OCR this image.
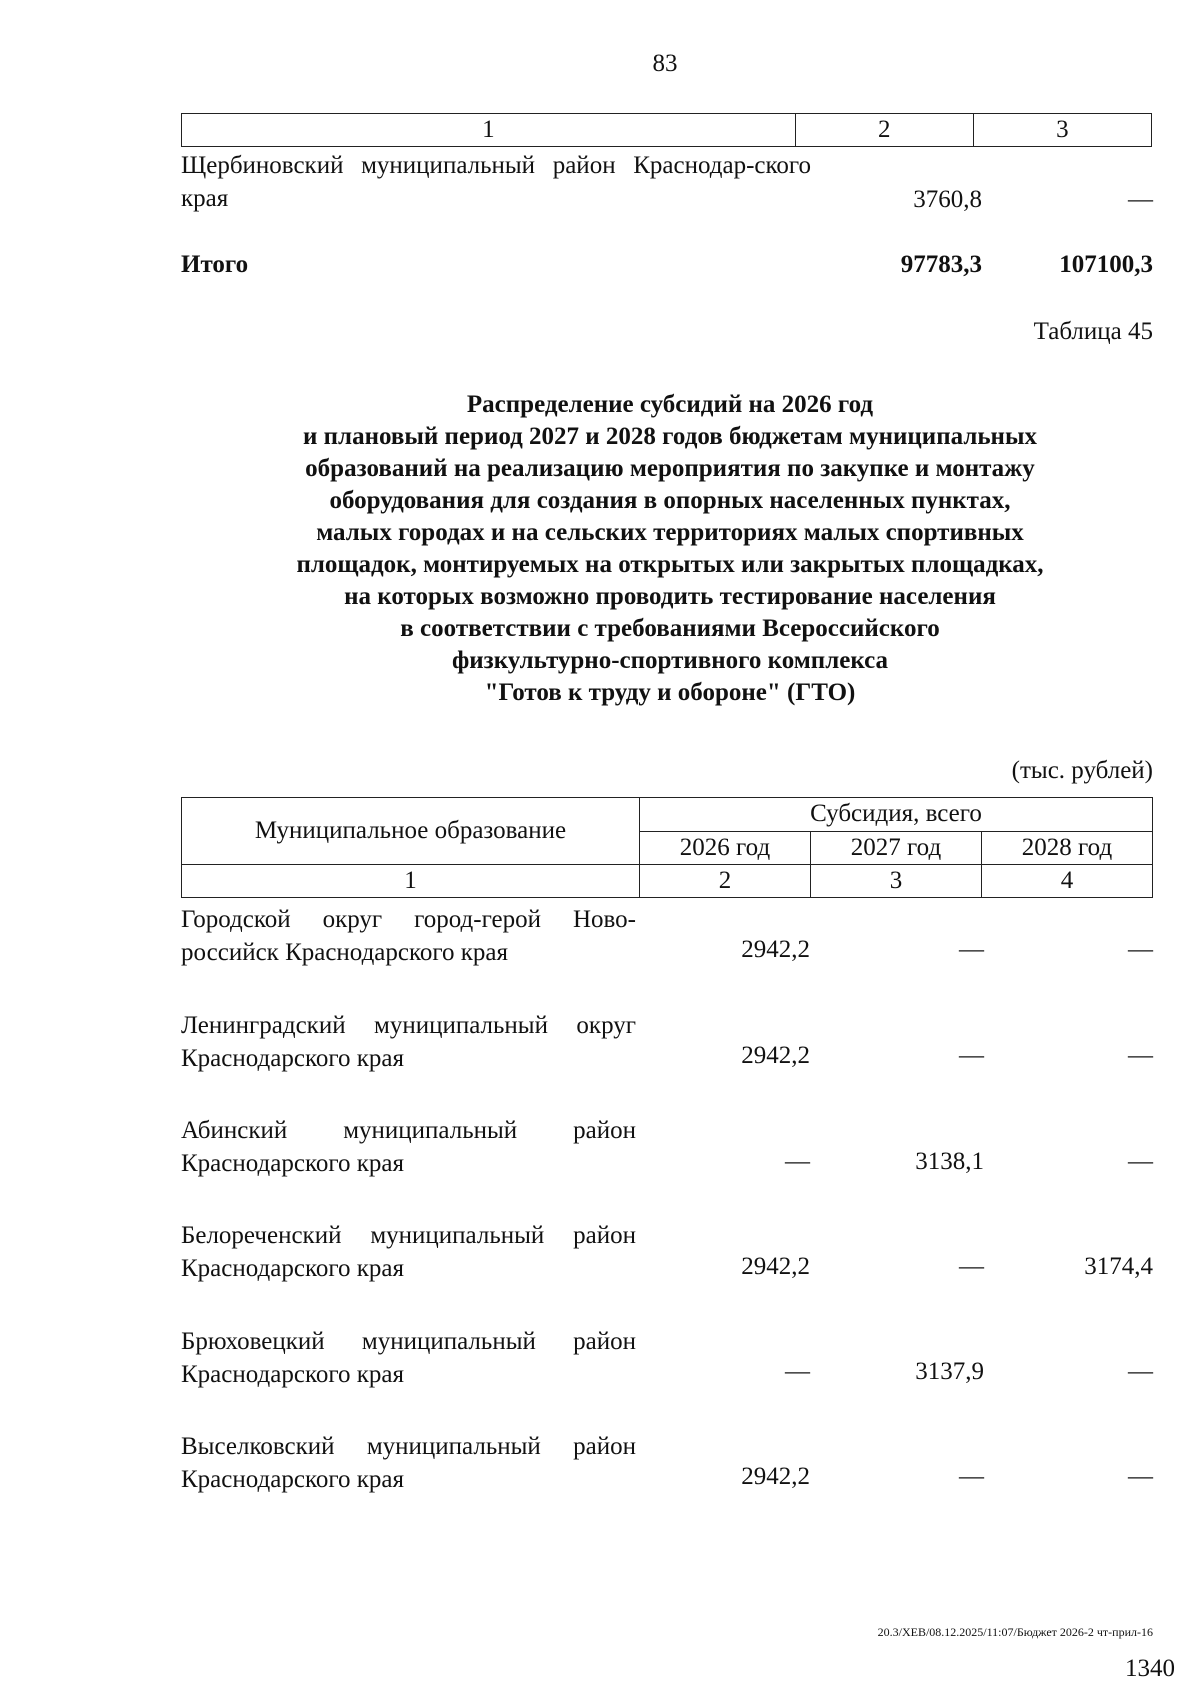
83
1	2	3
Щербиновский муниципальный район Краснодар-ского края	3760,8	—
Итого	97783,3	107100,3
Таблица 45
Распределение субсидий на 2026 год
и плановый период 2027 и 2028 годов бюджетам муниципальных
образований на реализацию мероприятия по закупке и монтажу
оборудования для создания в опорных населенных пунктах,
малых городах и на сельских территориях малых спортивных
площадок, монтируемых на открытых или закрытых площадках,
на которых возможно проводить тестирование населения
в соответствии с требованиями Всероссийского
физкультурно-спортивного комплекса
"Готов к труду и обороне" (ГТО)
(тыс. рублей)
Муниципальное образование	Субсидия, всего		
	2026 год	2027 год	2028 год
1	2	3	4
Городской округ город-герой Ново-российск Краснодарского края	2942,2	—	—
Ленинградский муниципальный округ Краснодарского края	2942,2	—	—
Абинский муниципальный район Краснодарского края	—	3138,1	—
Белореченский муниципальный район Краснодарского края	2942,2	—	3174,4
Брюховецкий муниципальный район Краснодарского края	—	3137,9	—
Выселковский муниципальный район Краснодарского края	2942,2	—	—
20.3/ХЕВ/08.12.2025/11:07/Бюджет 2026-2 чт-прил-16
1340
